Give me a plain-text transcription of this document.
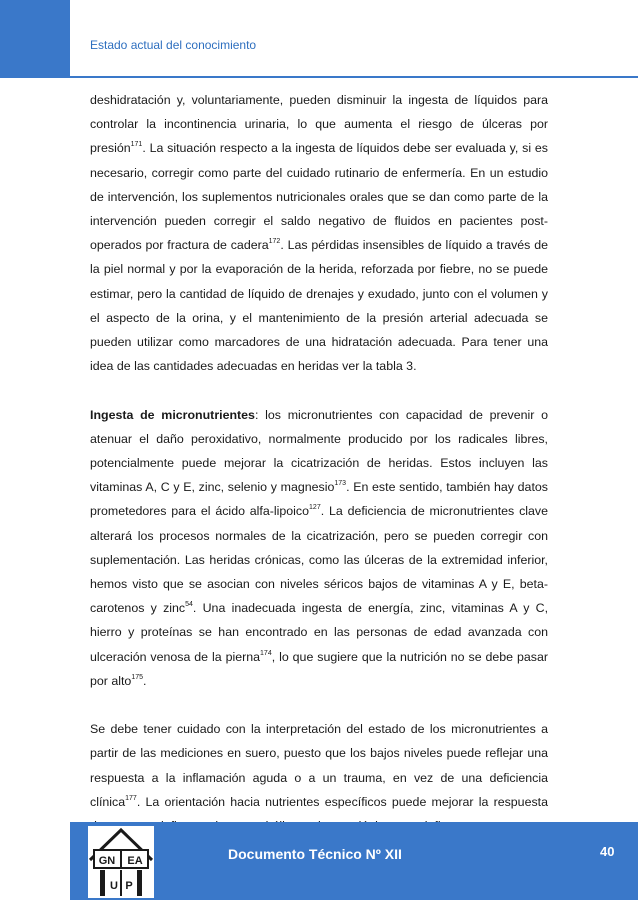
Estado actual del conocimiento

deshidratación y, voluntariamente, pueden disminuir la ingesta de líquidos para controlar la incontinencia urinaria, lo que aumenta el riesgo de úlceras por presión$^{171}$. La situación respecto a la ingesta de líquidos debe ser evaluada y, si es necesario, corregir como parte del cuidado rutinario de enfermería. En un estudio de intervención, los suplementos nutricionales orales que se dan como parte de la intervención pueden corregir el saldo negativo de fluidos en pacientes post-operados por fractura de cadera$^{172}$. Las pérdidas insensibles de líquido a través de la piel normal y por la evaporación de la herida, reforzada por fiebre, no se puede estimar, pero la cantidad de líquido de drenajes y exudado, junto con el volumen y el aspecto de la orina, y el mantenimiento de la presión arterial adecuada se pueden utilizar como marcadores de una hidratación adecuada. Para tener una idea de las cantidades adecuadas en heridas ver la tabla 3.

Ingesta de micronutrientes: los micronutrientes con capacidad de prevenir o atenuar el daño peroxidativo, normalmente producido por los radicales libres, potencialmente puede mejorar la cicatrización de heridas. Estos incluyen las vitaminas A, C y E, zinc, selenio y magnesio$^{173}$. En este sentido, también hay datos prometedores para el ácido alfa-lipoico$^{127}$. La deficiencia de micronutrientes clave alterará los procesos normales de la cicatrización, pero se pueden corregir con suplementación. Las heridas crónicas, como las úlceras de la extremidad inferior, hemos visto que se asocian con niveles séricos bajos de vitaminas A y E, beta-carotenos y zinc$^{54}$. Una inadecuada ingesta de energía, zinc, vitaminas A y C, hierro y proteínas se han encontrado en las personas de edad avanzada con ulceración venosa de la pierna$^{174}$, lo que sugiere que la nutrición no se debe pasar por alto$^{175}$.

Se debe tener cuidado con la interpretación del estado de los micronutrientes a partir de las mediciones en suero, puesto que los bajos niveles puede reflejar una respuesta a la inflamación aguda o a un trauma, en vez de una deficiencia clínica$^{177}$. La orientación hacia nutrientes específicos puede mejorar la respuesta

GN EA
U P
Documento Técnico Nº XII	40
